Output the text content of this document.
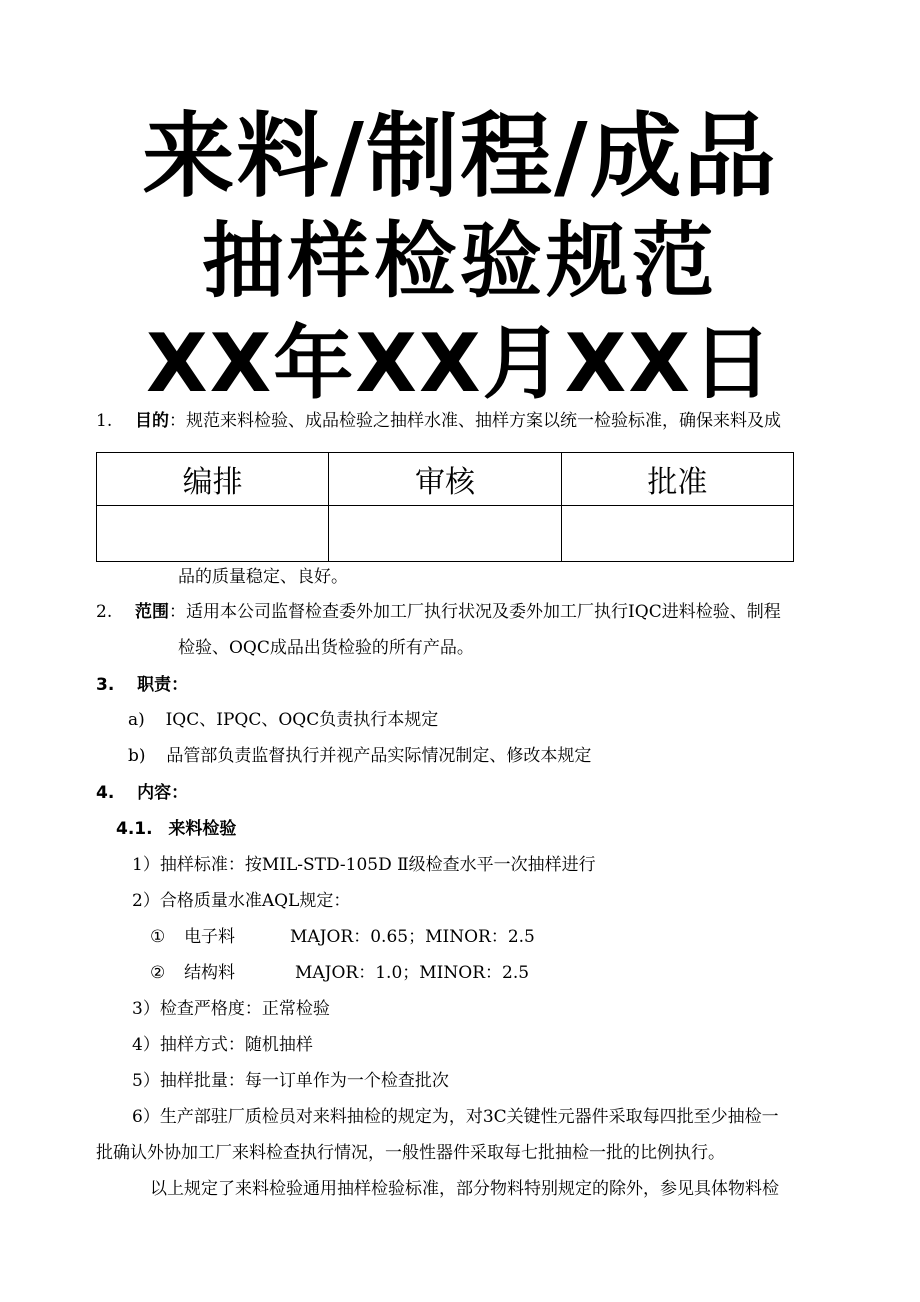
来料/制程/成品
抽样检验规范
XX年XX月XX日
1. 目的：规范来料检验、成品检验之抽样水准、抽样方案以统一检验标准，确保来料及成
编排	审核	批准

品的质量稳定、良好。
2. 范围：适用本公司监督检查委外加工厂执行状况及委外加工厂执行IQC进料检验、制程
检验、OQC成品出货检验的所有产品。
3. 职责：
a) IQC、IPQC、OQC负责执行本规定
b) 品管部负责监督执行并视产品实际情况制定、修改本规定
4. 内容：
4.1. 来料检验
1）抽样标准：按MIL-STD-105D Ⅱ级检查水平一次抽样进行
2）合格质量水准AQL规定：
① 电子料	MAJOR：0.65；MINOR：2.5
② 结构料	MAJOR：1.0；MINOR：2.5
3）检查严格度：正常检验
4）抽样方式：随机抽样
5）抽样批量：每一订单作为一个检查批次
6）生产部驻厂质检员对来料抽检的规定为，对3C关键性元器件采取每四批至少抽检一
批确认外协加工厂来料检查执行情况，一般性器件采取每七批抽检一批的比例执行。
以上规定了来料检验通用抽样检验标准，部分物料特别规定的除外，参见具体物料检
